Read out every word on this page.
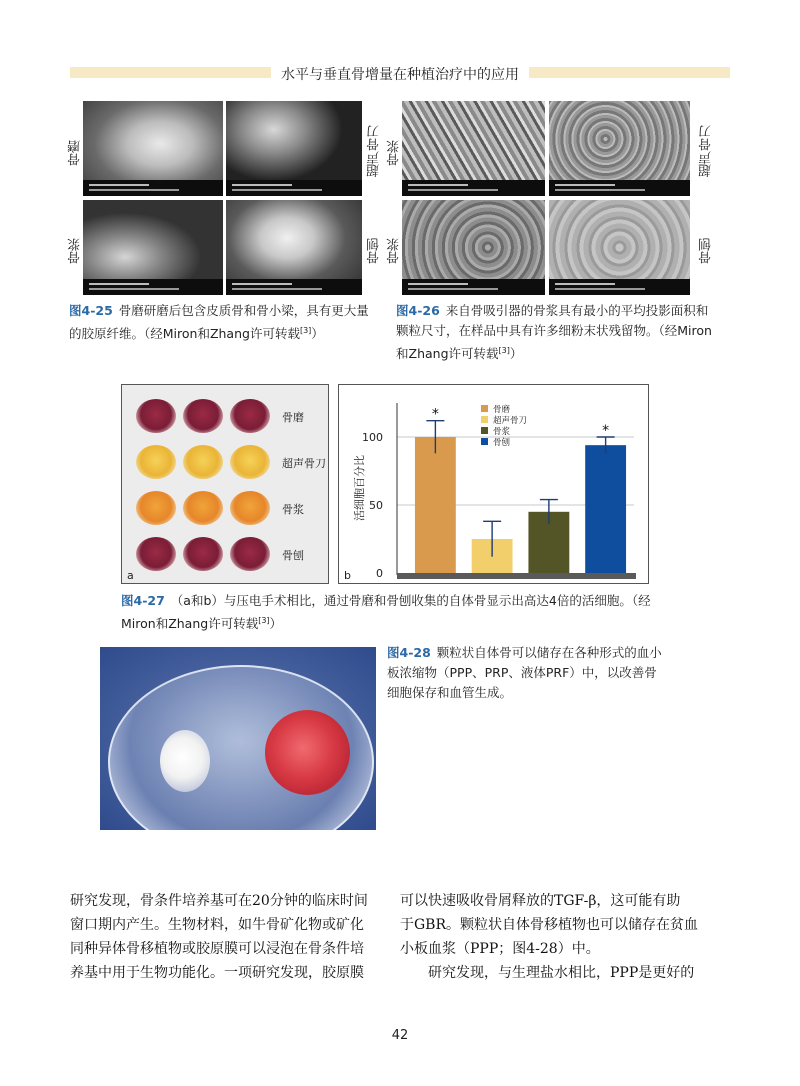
水平与垂直骨增量在种植治疗中的应用
骨磨
骨浆
超声骨刀
骨刨
图4-25 骨磨研磨后包含皮质骨和骨小梁，具有更大量的胶原纤维。（经Miron和Zhang许可转载[3]）
骨浆
骨浆
超声骨刀
骨刨
图4-26 来自骨吸引器的骨浆具有最小的平均投影面积和颗粒尺寸，在样品中具有许多细粉末状残留物。（经Miron和Zhang许可转载[3]）
骨磨
超声骨刀
骨浆
骨刨
a	0
50
100
活细胞百分比
*
*
骨磨
超声骨刀
骨浆
骨刨
b
图4-27 （a和b）与压电手术相比，通过骨磨和骨刨收集的自体骨显示出高达4倍的活细胞。（经Miron和Zhang许可转载[3]）
图4-28 颗粒状自体骨可以储存在各种形式的血小板浓缩物（PPP、PRP、液体PRF）中，以改善骨细胞保存和血管生成。

研究发现，骨条件培养基可在20分钟的临床时间

窗口期内产生。生物材料，如牛骨矿化物或矿化

同种异体骨移植物或胶原膜可以浸泡在骨条件培

养基中用于生物功能化。一项研究发现，胶原膜

可以快速吸收骨屑释放的TGF-β，这可能有助

于GBR。颗粒状自体骨移植物也可以储存在贫血

小板血浆（PPP；图4-28）中。

　　研究发现，与生理盐水相比，PPP是更好的

42
